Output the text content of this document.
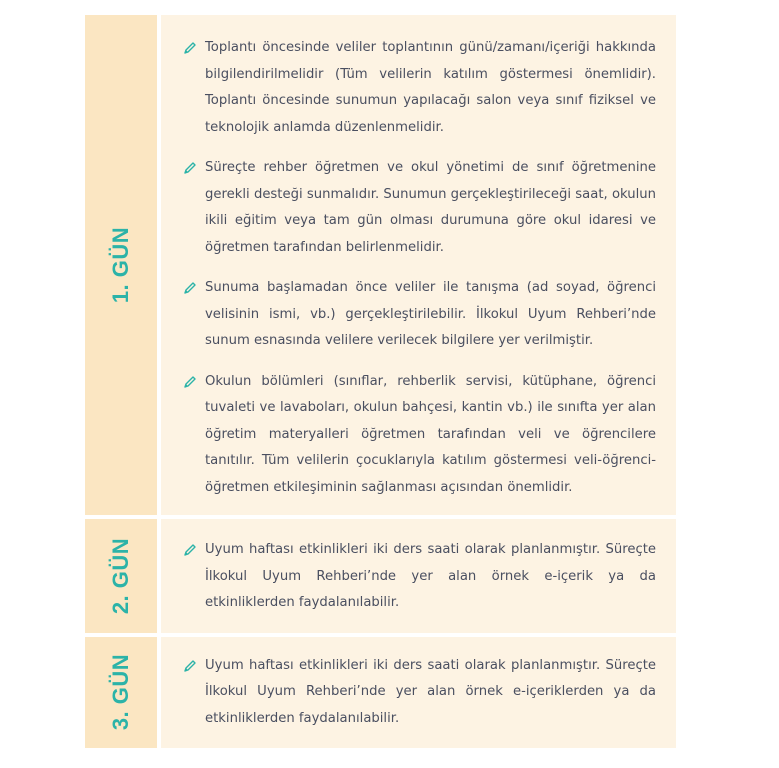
1. GÜN
Toplantı öncesinde veliler toplantının günü/zamanı/içeriği hakkında bilgilendirilmelidir (Tüm velilerin katılım göstermesi önemlidir). Toplantı öncesinde sunumun yapılacağı salon veya sınıf fiziksel ve teknolojik anlamda düzenlenmelidir.
Süreçte rehber öğretmen ve okul yönetimi de sınıf öğretmenine gerekli desteği sunmalıdır. Sunumun gerçekleştirileceği saat, okulun ikili eğitim veya tam gün olması durumuna göre okul idaresi ve öğretmen tarafından belirlenmelidir.
Sunuma başlamadan önce veliler ile tanışma (ad soyad, öğrenci velisinin ismi, vb.) gerçekleştirilebilir. İlkokul Uyum Rehberi’nde sunum esnasında velilere verilecek bilgilere yer verilmiştir.
Okulun bölümleri (sınıflar, rehberlik servisi, kütüphane, öğrenci tuvaleti ve lavaboları, okulun bahçesi, kantin vb.) ile sınıfta yer alan öğretim materyalleri öğretmen tarafından veli ve öğrencilere tanıtılır. Tüm velilerin çocuklarıyla katılım göstermesi veli-öğrenci-öğretmen etkileşiminin sağlanması açısından önemlidir.
2. GÜN	Uyum haftası etkinlikleri iki ders saati olarak planlanmıştır. Süreçte İlkokul Uyum Rehberi’nde yer alan örnek e-içerik ya da etkinliklerden faydalanılabilir.
3. GÜN	Uyum haftası etkinlikleri iki ders saati olarak planlanmıştır. Süreçte İlkokul Uyum Rehberi’nde yer alan örnek e-içeriklerden ya da etkinliklerden faydalanılabilir.
